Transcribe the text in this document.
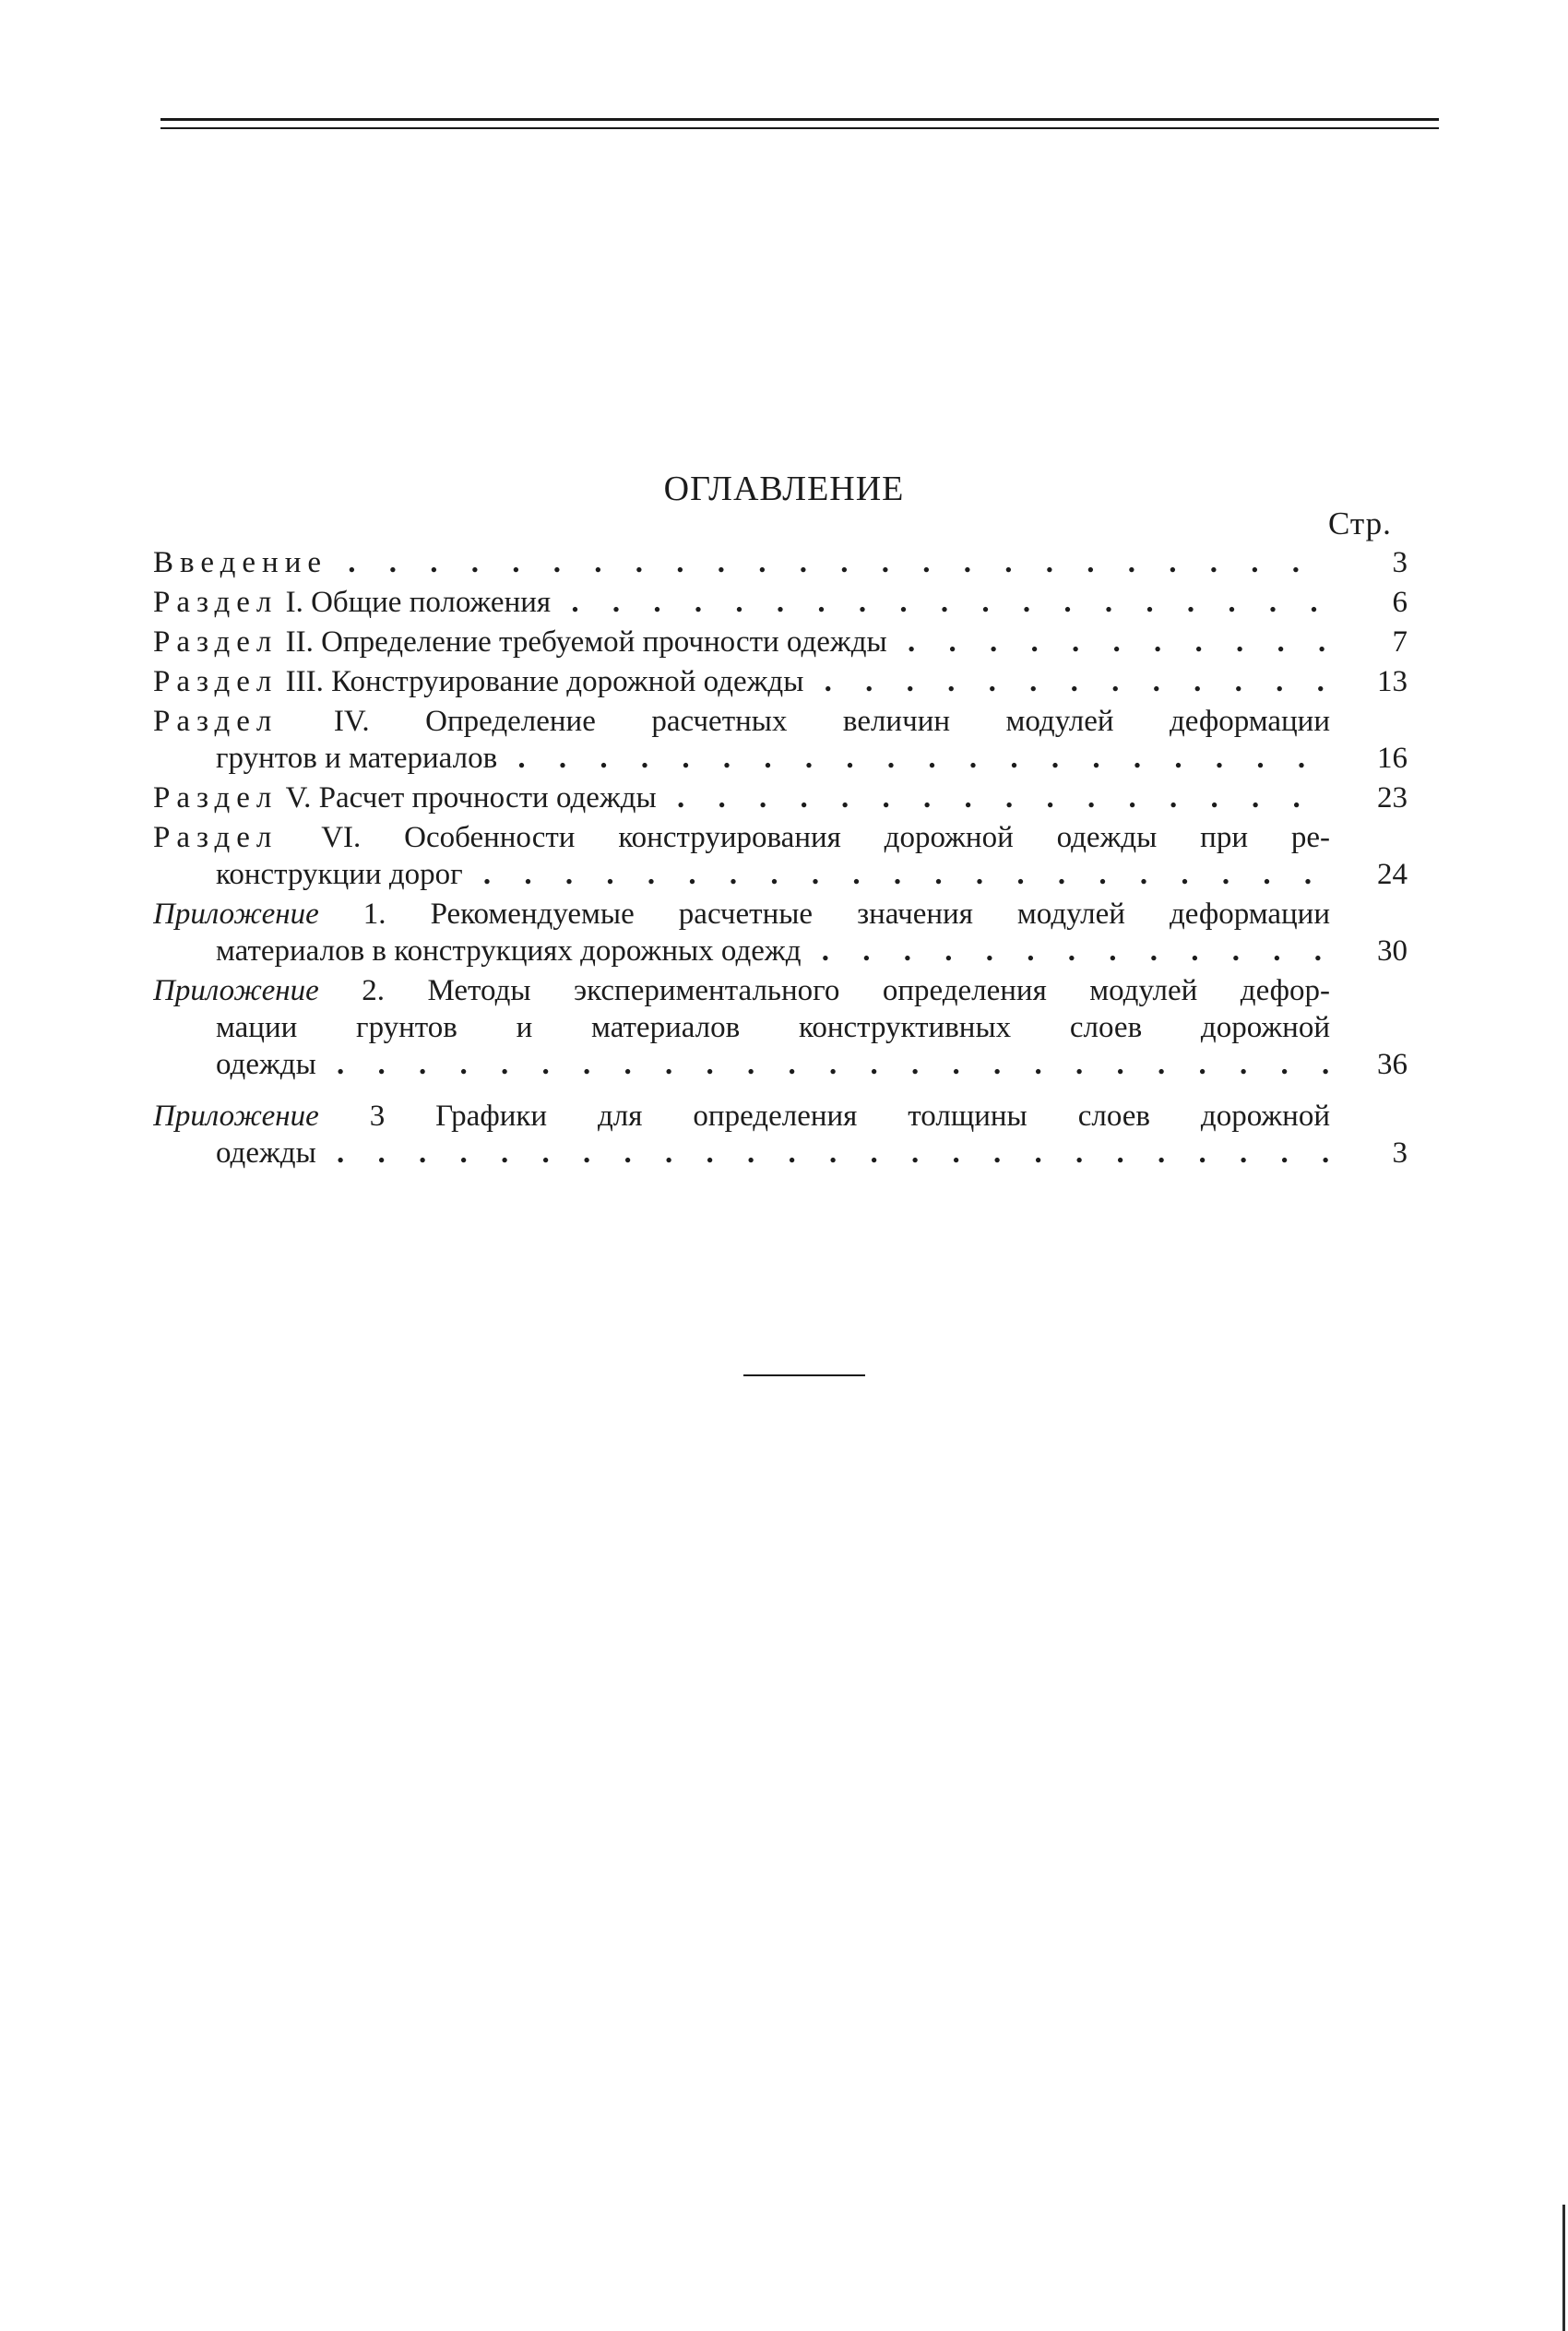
ОГЛАВЛЕНИЕ
Стр.
Введение . . .	3
Раздел I. Общие положения . . .	6
Раздел II. Определение требуемой прочности одежды . . .	7
Раздел III. Конструирование дорожной одежды . . .	13
Раздел IV. Определение расчетных величин модулей деформации
грунтов и материалов . . .	16
Раздел V. Расчет прочности одежды . . .	23
Раздел VI. Особенности конструирования дорожной одежды при ре-
конструкции дорог . . .	24
Приложение 1. Рекомендуемые расчетные значения модулей деформации
материалов в конструкциях дорожных одежд . . .	30
Приложение 2. Методы экспериментального определения модулей дефор-
мации грунтов и материалов конструктивных слоев дорожной
одежды . . .	36
Приложение 3 Графики для определения толщины слоев дорожной
одежды . . .	3
